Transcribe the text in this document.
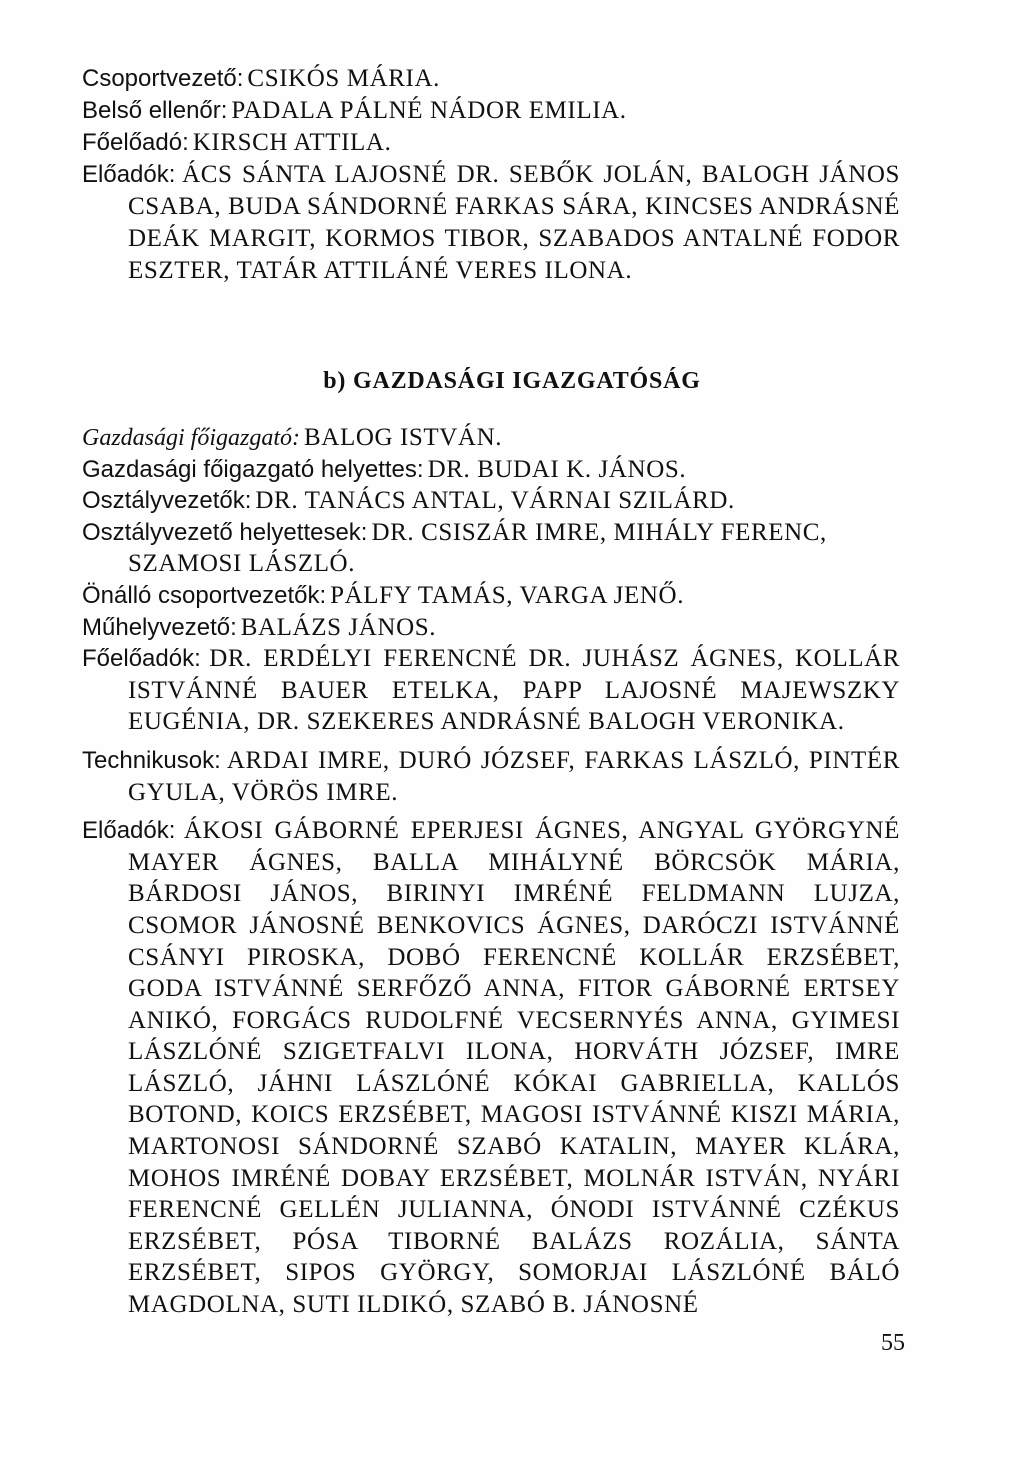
Csoportvezető: CSIKÓS MÁRIA.

Belső ellenőr: PADALA PÁLNÉ NÁDOR EMILIA.

Főelőadó: KIRSCH ATTILA.

Előadók: ÁCS SÁNTA LAJOSNÉ DR. SEBŐK JOLÁN, BALOGH JÁNOS CSABA, BUDA SÁNDORNÉ FARKAS SÁRA, KINCSES ANDRÁSNÉ DEÁK MARGIT, KORMOS TIBOR, SZABADOS ANTALNÉ FODOR ESZTER, TATÁR ATTILÁNÉ VERES ILONA.

b) GAZDASÁGI IGAZGATÓSÁG

Gazdasági főigazgató: BALOG ISTVÁN.

Gazdasági főigazgató helyettes: DR. BUDAI K. JÁNOS.

Osztályvezetők: DR. TANÁCS ANTAL, VÁRNAI SZILÁRD.

Osztályvezető helyettesek: DR. CSISZÁR IMRE, MIHÁLY FERENC, SZAMOSI LÁSZLÓ.

Önálló csoportvezetők: PÁLFY TAMÁS, VARGA JENŐ.

Műhelyvezető: BALÁZS JÁNOS.

Főelőadók: DR. ERDÉLYI FERENCNÉ DR. JUHÁSZ ÁGNES, KOLLÁR ISTVÁNNÉ BAUER ETELKA, PAPP LAJOSNÉ MAJEWSZKY EUGÉNIA, DR. SZEKERES ANDRÁSNÉ BALOGH VERONIKA.

Technikusok: ARDAI IMRE, DURÓ JÓZSEF, FARKAS LÁSZLÓ, PINTÉR GYULA, VÖRÖS IMRE.

Előadók: ÁKOSI GÁBORNÉ EPERJESI ÁGNES, ANGYAL GYÖRGYNÉ MAYER ÁGNES, BALLA MIHÁLYNÉ BÖRCSÖK MÁRIA, BÁRDOSI JÁNOS, BIRINYI IMRÉNÉ FELDMANN LUJZA, CSOMOR JÁNOSNÉ BENKOVICS ÁGNES, DARÓCZI ISTVÁNNÉ CSÁNYI PIROSKA, DOBÓ FERENCNÉ KOLLÁR ERZSÉBET, GODA ISTVÁNNÉ SERFŐZŐ ANNA, FITOR GÁBORNÉ ERTSEY ANIKÓ, FORGÁCS RUDOLFNÉ VECSERNYÉS ANNA, GYIMESI LÁSZLÓNÉ SZIGETFALVI ILONA, HORVÁTH JÓZSEF, IMRE LÁSZLÓ, JÁHNI LÁSZLÓNÉ KÓKAI GABRIELLA, KALLÓS BOTOND, KOICS ERZSÉBET, MAGOSI ISTVÁNNÉ KISZI MÁRIA, MARTONOSI SÁNDORNÉ SZABÓ KATALIN, MAYER KLÁRA, MOHOS IMRÉNÉ DOBAY ERZSÉBET, MOLNÁR ISTVÁN, NYÁRI FERENCNÉ GELLÉN JULIANNA, ÓNODI ISTVÁNNÉ CZÉKUS ERZSÉBET, PÓSA TIBORNÉ BALÁZS ROZÁLIA, SÁNTA ERZSÉBET, SIPOS GYÖRGY, SOMORJAI LÁSZLÓNÉ BÁLÓ MAGDOLNA, SUTI ILDIKÓ, SZABÓ B. JÁNOSNÉ

55
